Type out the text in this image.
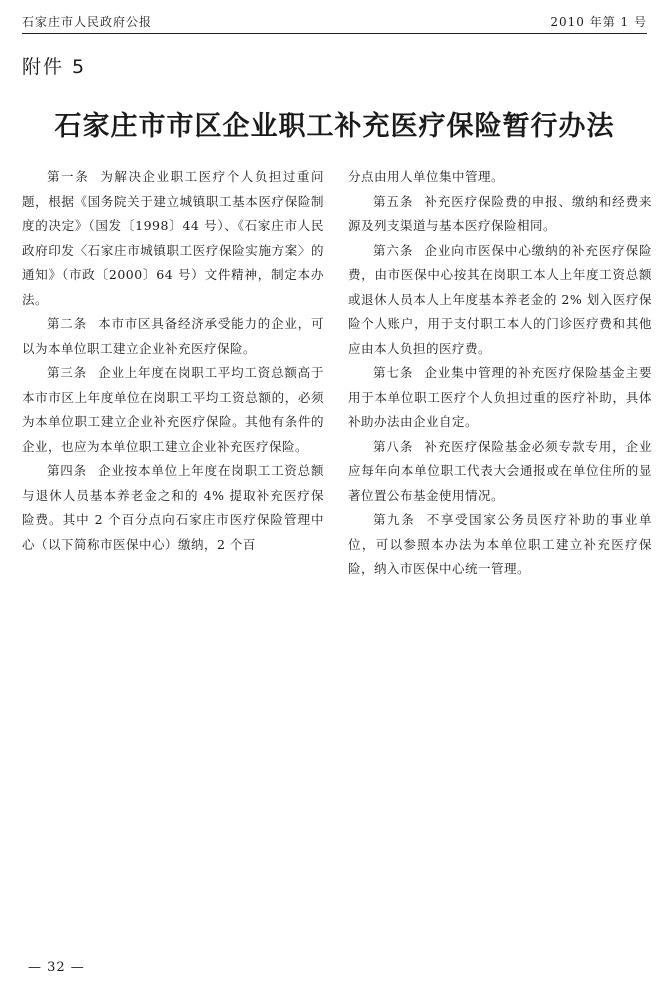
石家庄市人民政府公报	2010 年第 1 号
附件 5
石家庄市市区企业职工补充医疗保险暂行办法

第一条 为解决企业职工医疗个人负担过重问题，根据《国务院关于建立城镇职工基本医疗保险制度的决定》（国发〔1998〕44 号）、《石家庄市人民政府印发〈石家庄市城镇职工医疗保险实施方案〉的通知》（市政〔2000〕64 号）文件精神，制定本办法。

第二条 本市市区具备经济承受能力的企业，可以为本单位职工建立企业补充医疗保险。

第三条 企业上年度在岗职工平均工资总额高于本市市区上年度单位在岗职工平均工资总额的，必须为本单位职工建立企业补充医疗保险。其他有条件的企业，也应为本单位职工建立企业补充医疗保险。

第四条 企业按本单位上年度在岗职工工资总额与退休人员基本养老金之和的 4% 提取补充医疗保险费。其中 2 个百分点向石家庄市医疗保险管理中心（以下简称市医保中心）缴纳，2 个百

分点由用人单位集中管理。

第五条 补充医疗保险费的申报、缴纳和经费来源及列支渠道与基本医疗保险相同。

第六条 企业向市医保中心缴纳的补充医疗保险费，由市医保中心按其在岗职工本人上年度工资总额或退休人员本人上年度基本养老金的 2% 划入医疗保险个人账户，用于支付职工本人的门诊医疗费和其他应由本人负担的医疗费。

第七条 企业集中管理的补充医疗保险基金主要用于本单位职工医疗个人负担过重的医疗补助，具体补助办法由企业自定。

第八条 补充医疗保险基金必须专款专用，企业应每年向本单位职工代表大会通报或在单位住所的显著位置公布基金使用情况。

第九条 不享受国家公务员医疗补助的事业单位，可以参照本办法为本单位职工建立补充医疗保险，纳入市医保中心统一管理。

— 32 —
